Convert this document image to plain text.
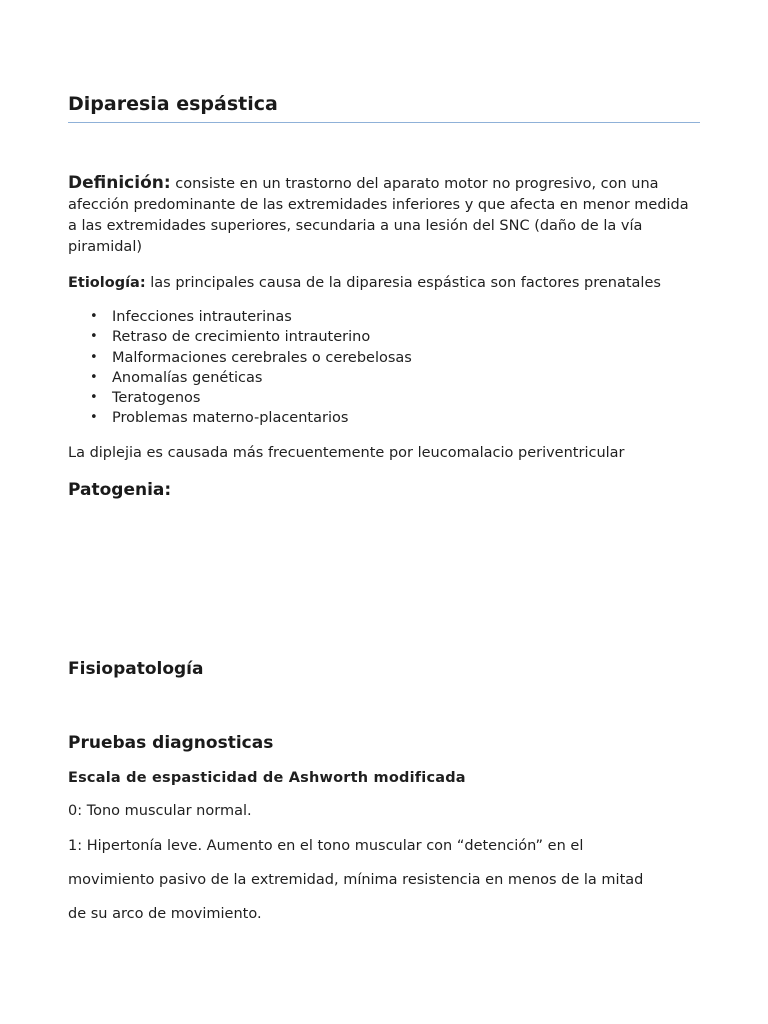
Diparesia espástica

Definición: consiste en un trastorno del aparato motor no progresivo, con una afección predominante de las extremidades inferiores y que afecta en menor medida a las extremidades superiores, secundaria a una lesión del SNC (daño de la vía piramidal)

Etiología: las principales causa de la diparesia espástica son factores prenatales

• Infecciones intrauterinas
• Retraso de crecimiento intrauterino
• Malformaciones cerebrales o cerebelosas
• Anomalías genéticas
• Teratogenos
• Problemas materno-placentarios

La diplejia es causada más frecuentemente por leucomalacio periventricular

Patogenia:
Fisiopatología
Pruebas diagnosticas

Escala de espasticidad de Ashworth modificada

0: Tono muscular normal.

1: Hipertonía leve. Aumento en el tono muscular con “detención” en el

movimiento pasivo de la extremidad, mínima resistencia en menos de la mitad

de su arco de movimiento.
